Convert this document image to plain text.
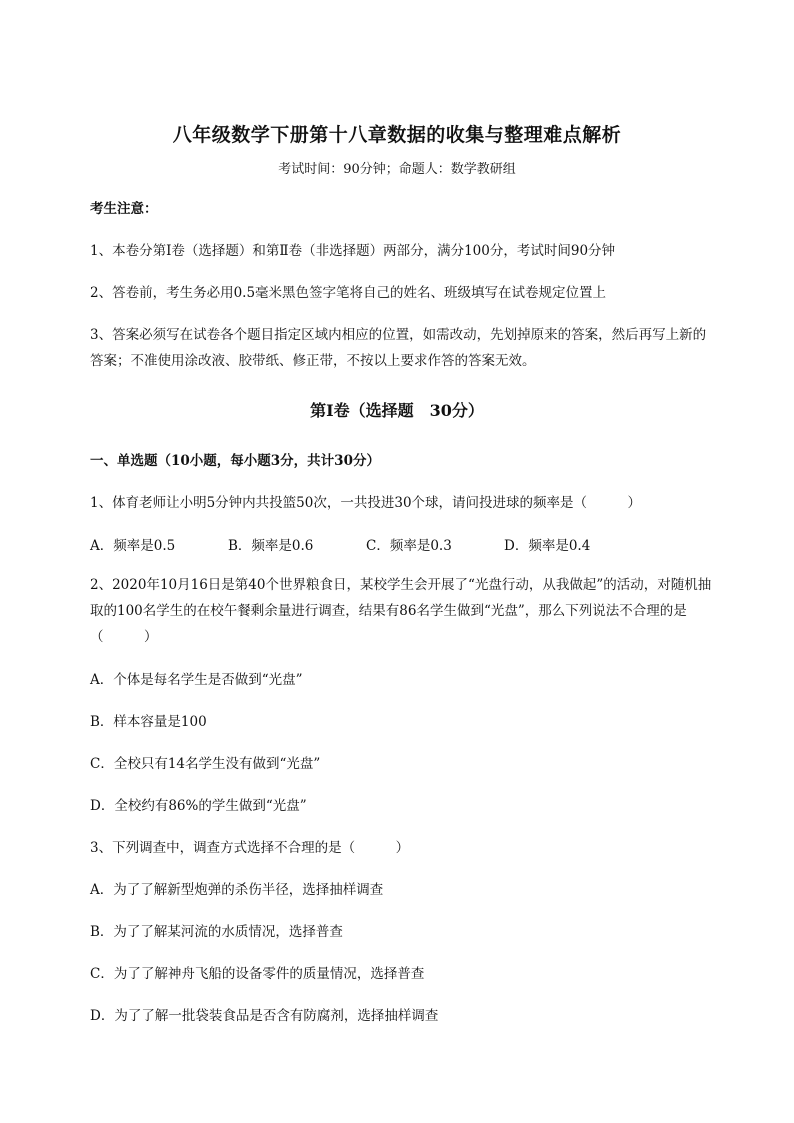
八年级数学下册第十八章数据的收集与整理难点解析
考试时间：90分钟；命题人：数学教研组
考生注意：
1、本卷分第I卷（选择题）和第Ⅱ卷（非选择题）两部分，满分100分，考试时间90分钟
2、答卷前，考生务必用0.5毫米黑色签字笔将自己的姓名、班级填写在试卷规定位置上
3、答案必须写在试卷各个题目指定区域内相应的位置，如需改动，先划掉原来的答案，然后再写上新的答案；不准使用涂改液、胶带纸、修正带，不按以上要求作答的答案无效。
第I卷（选择题　30分）
一、单选题（10小题，每小题3分，共计30分）
1、体育老师让小明5分钟内共投篮50次，一共投进30个球，请问投进球的频率是（　　　）
A．频率是0.5	B．频率是0.6	C．频率是0.3	D．频率是0.4
2、2020年10月16日是第40个世界粮食日，某校学生会开展了“光盘行动，从我做起”的活动，对随机抽取的100名学生的在校午餐剩余量进行调查，结果有86名学生做到“光盘”，那么下列说法不合理的是（　　　）
A．个体是每名学生是否做到“光盘”
B．样本容量是100
C．全校只有14名学生没有做到“光盘”
D．全校约有86%的学生做到“光盘”
3、下列调查中，调查方式选择不合理的是（　　　）
A．为了了解新型炮弹的杀伤半径，选择抽样调查
B．为了了解某河流的水质情况，选择普查
C．为了了解神舟飞船的设备零件的质量情况，选择普查
D．为了了解一批袋装食品是否含有防腐剂，选择抽样调查
